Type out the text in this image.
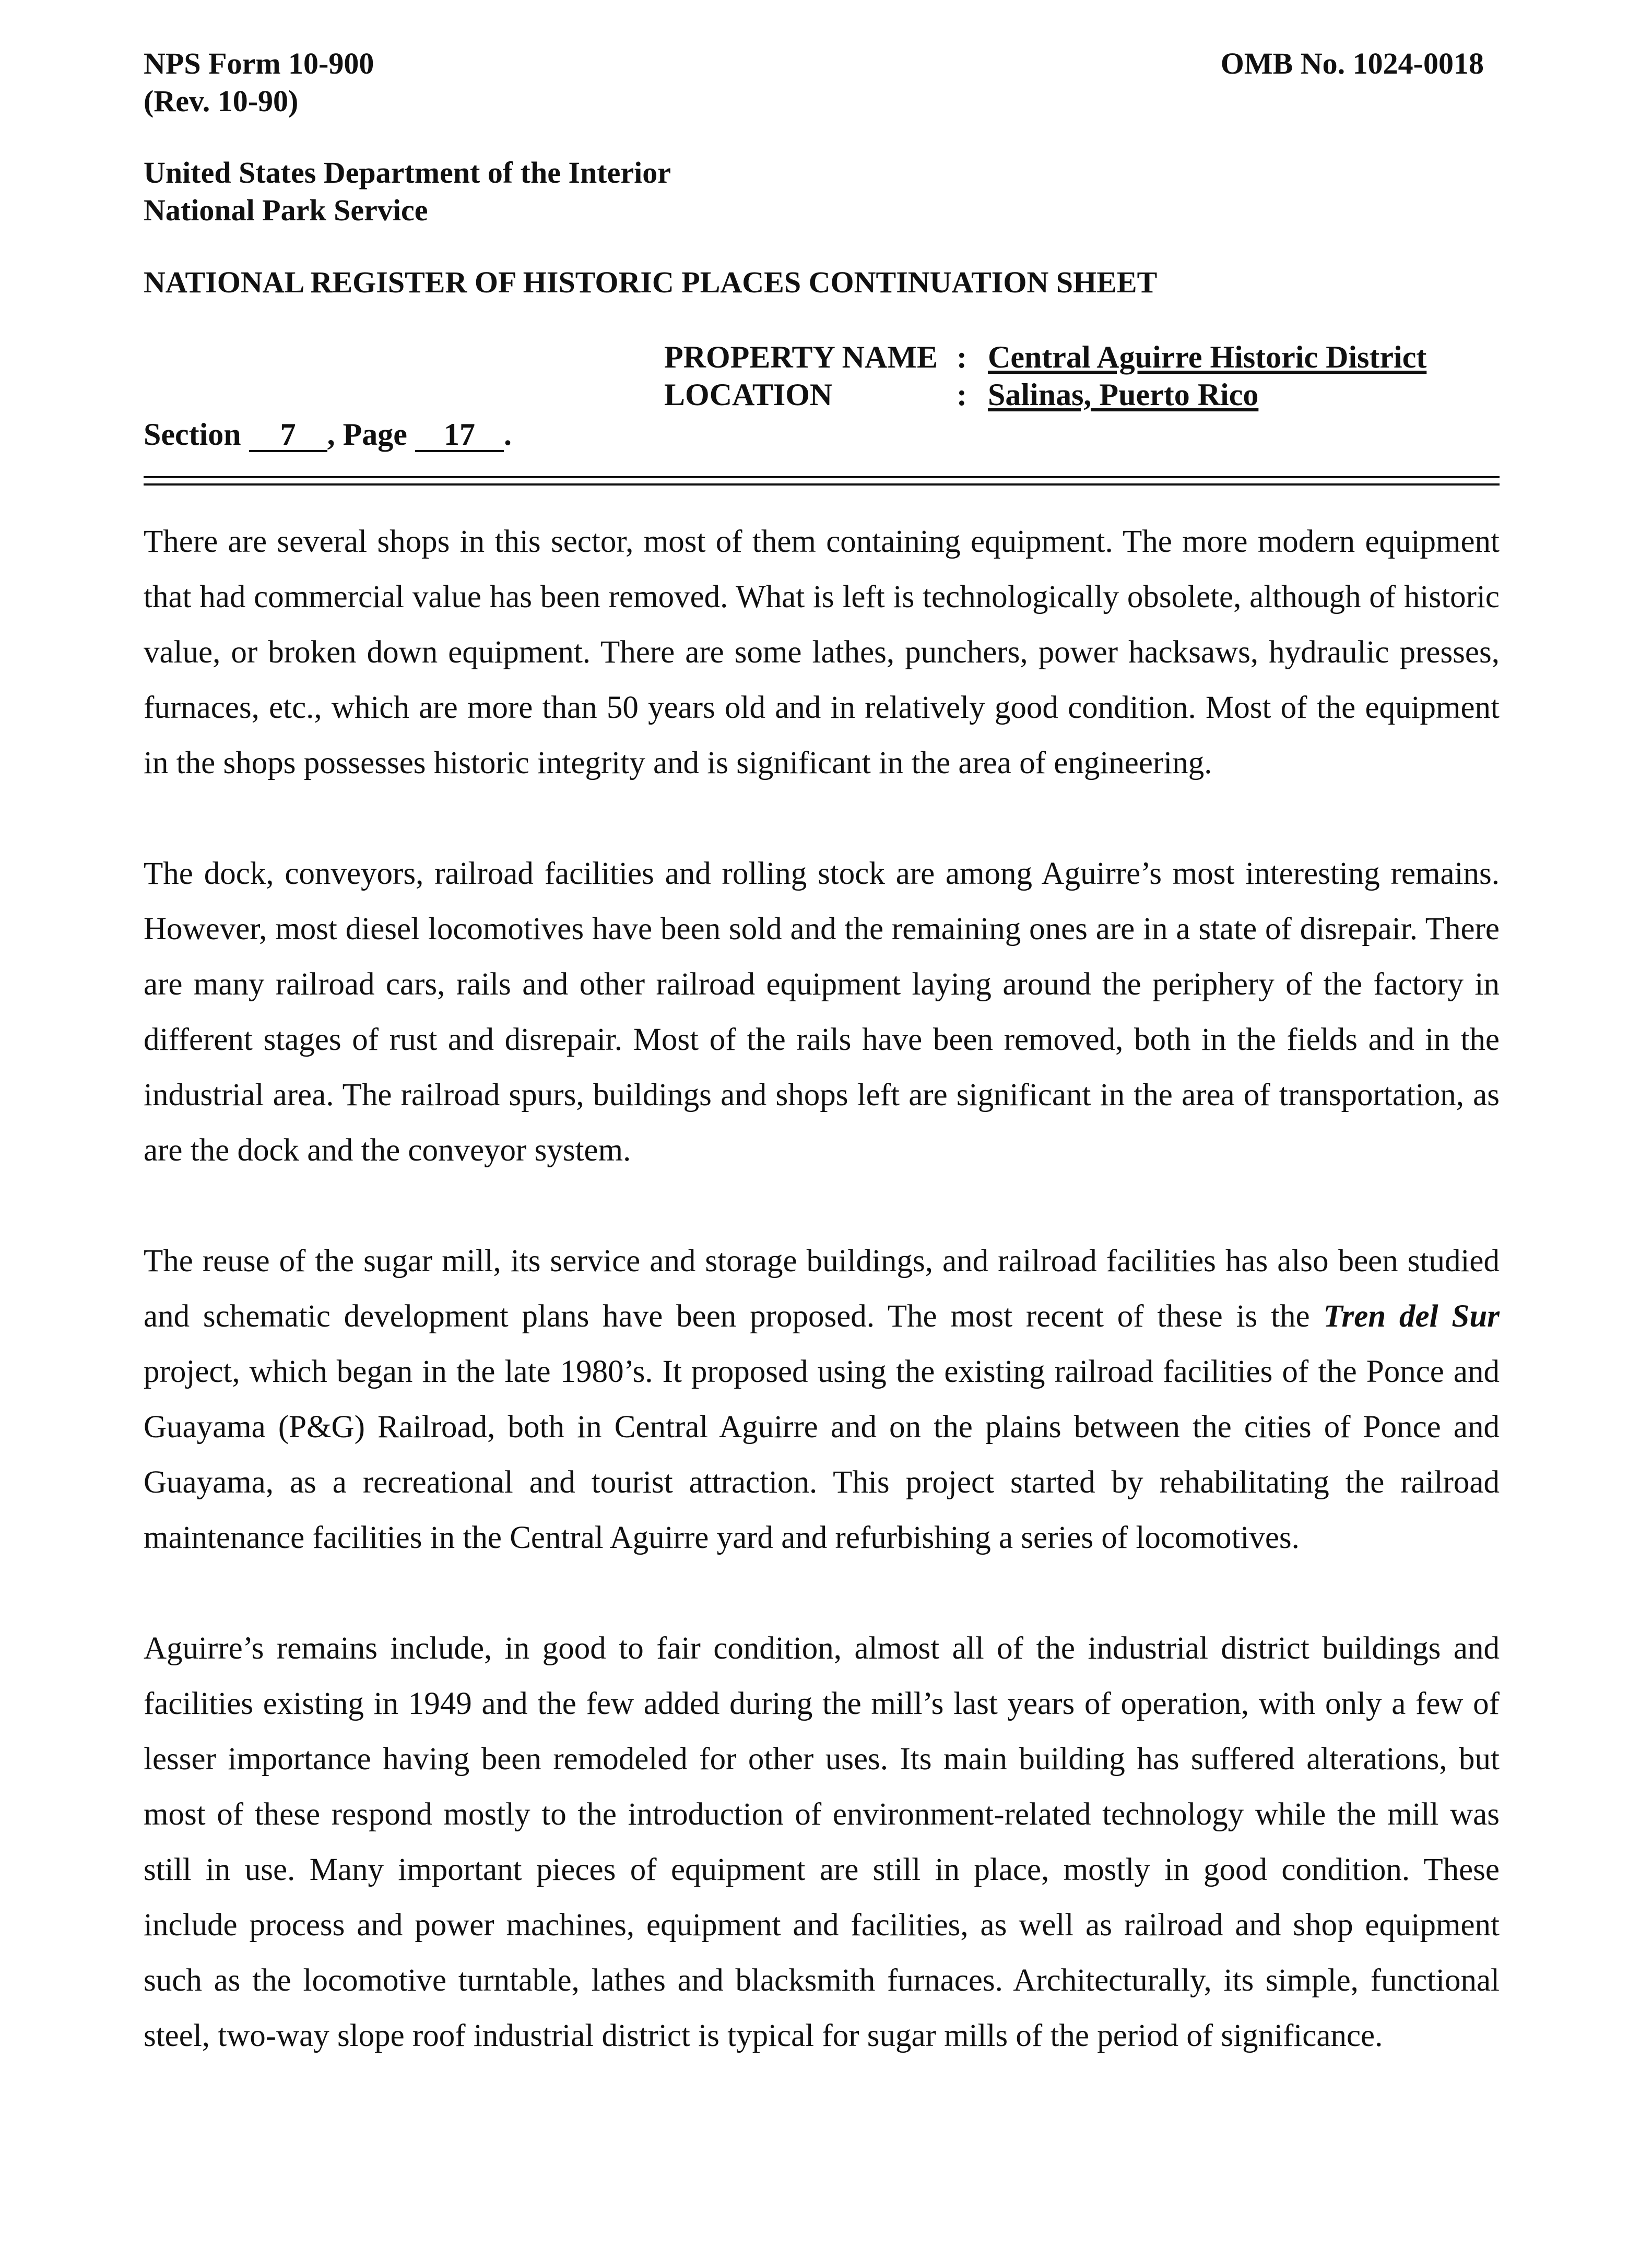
NPS Form 10-900
(Rev. 10-90)
OMB No. 1024-0018
United States Department of the Interior
National Park Service
NATIONAL REGISTER OF HISTORIC PLACES CONTINUATION SHEET
PROPERTY NAME : Central Aguirre Historic District
LOCATION	: Salinas, Puerto Rico
Section 7 , Page 17 .

There are several shops in this sector, most of them containing equipment. The more modern equipment that had commercial value has been removed. What is left is technologically obsolete, although of historic value, or broken down equipment. There are some lathes, punchers, power hacksaws, hydraulic presses, furnaces, etc., which are more than 50 years old and in relatively good condition. Most of the equipment in the shops possesses historic integrity and is significant in the area of engineering.

The dock, conveyors, railroad facilities and rolling stock are among Aguirre’s most interesting remains. However, most diesel locomotives have been sold and the remaining ones are in a state of disrepair. There are many railroad cars, rails and other railroad equipment laying around the periphery of the factory in different stages of rust and disrepair. Most of the rails have been removed, both in the fields and in the industrial area. The railroad spurs, buildings and shops left are significant in the area of transportation, as are the dock and the conveyor system.

The reuse of the sugar mill, its service and storage buildings, and railroad facilities has also been studied and schematic development plans have been proposed. The most recent of these is the Tren del Sur project, which began in the late 1980’s. It proposed using the existing railroad facilities of the Ponce and Guayama (P&G) Railroad, both in Central Aguirre and on the plains between the cities of Ponce and Guayama, as a recreational and tourist attraction. This project started by rehabilitating the railroad maintenance facilities in the Central Aguirre yard and refurbishing a series of locomotives.

Aguirre’s remains include, in good to fair condition, almost all of the industrial district buildings and facilities existing in 1949 and the few added during the mill’s last years of operation, with only a few of lesser importance having been remodeled for other uses. Its main building has suffered alterations, but most of these respond mostly to the introduction of environment-related technology while the mill was still in use. Many important pieces of equipment are still in place, mostly in good condition. These include process and power machines, equipment and facilities, as well as railroad and shop equipment such as the locomotive turntable, lathes and blacksmith furnaces. Architecturally, its simple, functional steel, two-way slope roof industrial district is typical for sugar mills of the period of significance.
